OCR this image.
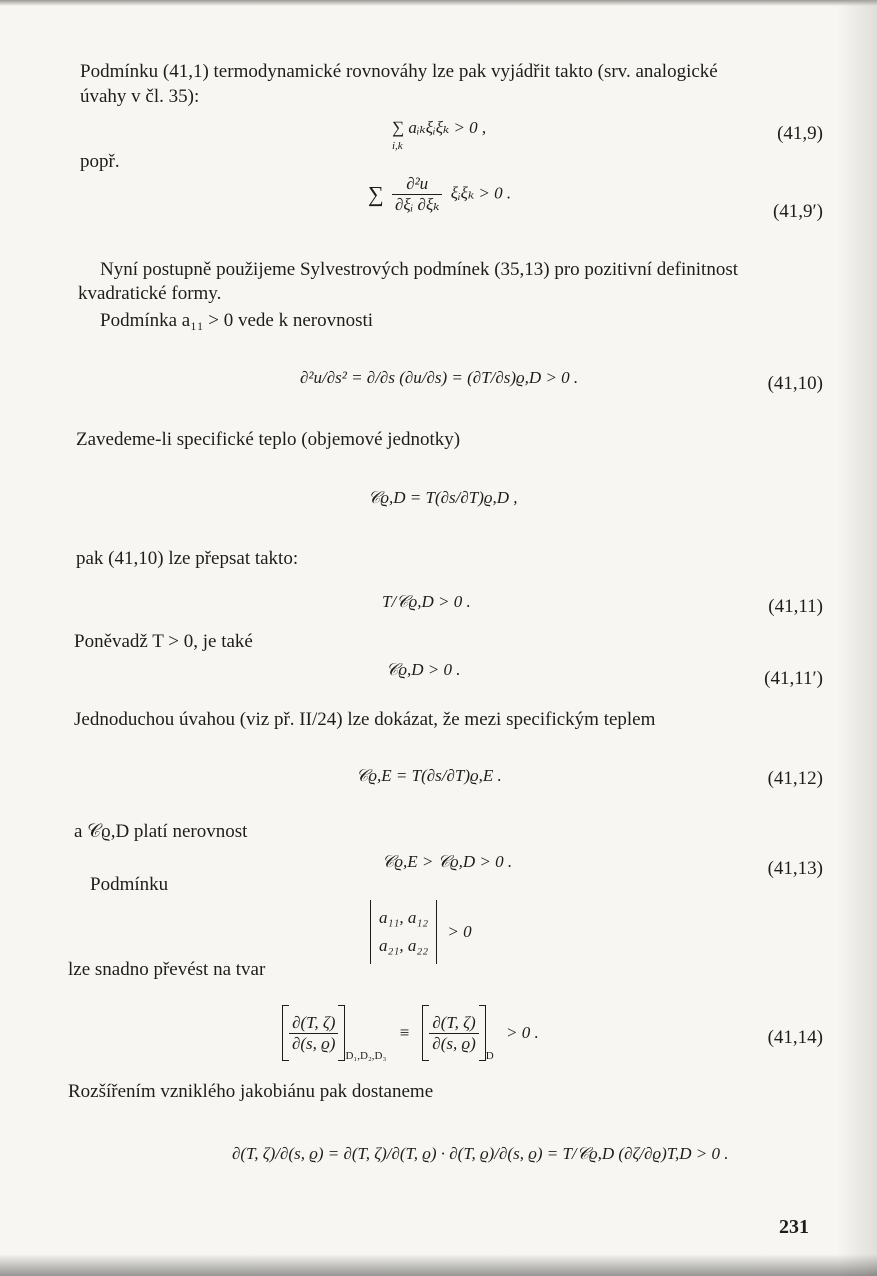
Podmínku (41,1) termodynamické rovnováhy lze pak vyjádřit takto (srv. analogické
úvahy v čl. 35):
∑ aᵢₖξᵢξₖ > 0 ,
i,k
(41,9)
popř.
∑ $\frac{\text{∂²u}}{\text{∂ξᵢ ∂ξₖ}}$ ξᵢξₖ > 0 .
(41,9′)
Nyní postupně použijeme Sylvestrových podmínek (35,13) pro pozitivní definitnost
kvadratické formy.
Podmínka a₁₁ > 0 vede k nerovnosti
∂²u/∂s² = ∂/∂s (∂u/∂s) = (∂T/∂s)ϱ,D > 0 .	(41,10)
Zavedeme-li specifické teplo (objemové jednotky)
𝒞ϱ,D = T(∂s/∂T)ϱ,D ,
pak (41,10) lze přepsat takto:
T/𝒞ϱ,D > 0 .	(41,11)
Poněvadž T > 0, je také
𝒞ϱ,D > 0 .	(41,11′)
Jednoduchou úvahou (viz př. II/24) lze dokázat, že mezi specifickým teplem
𝒞ϱ,E = T(∂s/∂T)ϱ,E .	(41,12)
a 𝒞ϱ,D platí nerovnost
𝒞ϱ,E > 𝒞ϱ,D > 0 .	(41,13)
Podmínku
a₁₁, a₁₂
a₂₁, a₂₂
> 0
lze snadno převést na tvar
$\frac{\partial(T, \zeta)}{\partial(s, ϱ)}$
$_{D_1,D_2,D_3} \equiv \frac{\partial(T, \zeta)}{\partial(s, ϱ)}$
$_D$ > 0 .	(41,14)
Rozšířením vzniklého jakobiánu pak dostaneme
∂(T, ζ)/∂(s, ϱ) = ∂(T, ζ)/∂(T, ϱ) · ∂(T, ϱ)/∂(s, ϱ) = T/𝒞ϱ,D (∂ζ/∂ϱ)T,D > 0 .
231
